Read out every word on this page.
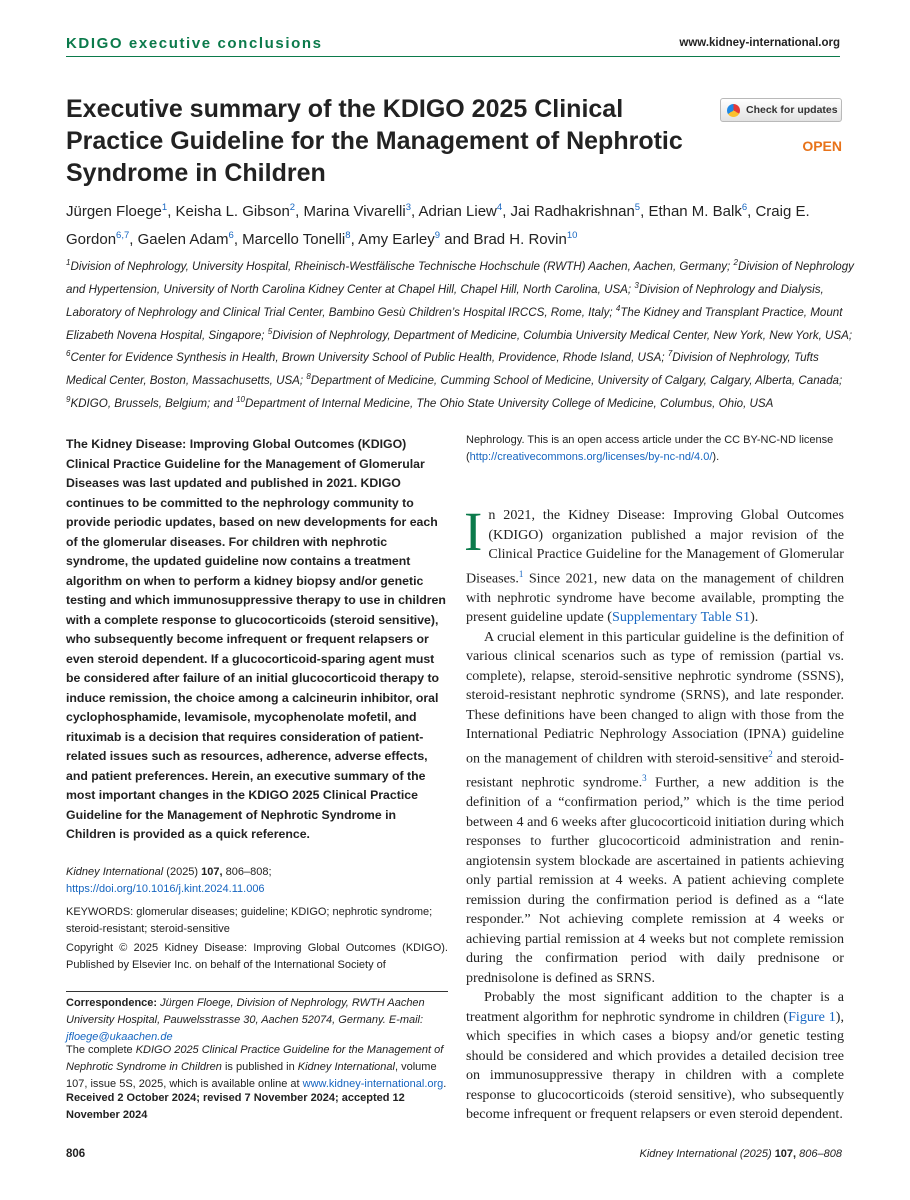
KDIGO executive conclusions	www.kidney-international.org
Executive summary of the KDIGO 2025 Clinical Practice Guideline for the Management of Nephrotic Syndrome in Children
Check for updates
OPEN
Jürgen Floege$^1$, Keisha L. Gibson$^2$, Marina Vivarelli$^3$, Adrian Liew$^4$, Jai Radhakrishnan$^5$, Ethan M. Balk$^6$, Craig E. Gordon$^{6,7}$, Gaelen Adam$^6$, Marcello Tonelli$^8$, Amy Earley$^9$ and Brad H. Rovin$^{10}$
$^1$Division of Nephrology, University Hospital, Rheinisch-Westfälische Technische Hochschule (RWTH) Aachen, Aachen, Germany; $^2$Division of Nephrology and Hypertension, University of North Carolina Kidney Center at Chapel Hill, Chapel Hill, North Carolina, USA; $^3$Division of Nephrology and Dialysis, Laboratory of Nephrology and Clinical Trial Center, Bambino Gesù Children’s Hospital IRCCS, Rome, Italy; $^4$The Kidney and Transplant Practice, Mount Elizabeth Novena Hospital, Singapore; $^5$Division of Nephrology, Department of Medicine, Columbia University Medical Center, New York, New York, USA; $^6$Center for Evidence Synthesis in Health, Brown University School of Public Health, Providence, Rhode Island, USA; $^7$Division of Nephrology, Tufts Medical Center, Boston, Massachusetts, USA; $^8$Department of Medicine, Cumming School of Medicine, University of Calgary, Calgary, Alberta, Canada; $^9$KDIGO, Brussels, Belgium; and $^{10}$Department of Internal Medicine, The Ohio State University College of Medicine, Columbus, Ohio, USA
The Kidney Disease: Improving Global Outcomes (KDIGO) Clinical Practice Guideline for the Management of Glomerular Diseases was last updated and published in 2021. KDIGO continues to be committed to the nephrology community to provide periodic updates, based on new developments for each of the glomerular diseases. For children with nephrotic syndrome, the updated guideline now contains a treatment algorithm on when to perform a kidney biopsy and/or genetic testing and which immunosuppressive therapy to use in children with a complete response to glucocorticoids (steroid sensitive), who subsequently become infrequent or frequent relapsers or even steroid dependent. If a glucocorticoid-sparing agent must be considered after failure of an initial glucocorticoid therapy to induce remission, the choice among a calcineurin inhibitor, oral cyclophosphamide, levamisole, mycophenolate mofetil, and rituximab is a decision that requires consideration of patient-related issues such as resources, adherence, adverse effects, and patient preferences. Herein, an executive summary of the most important changes in the KDIGO 2025 Clinical Practice Guideline for the Management of Nephrotic Syndrome in Children is provided as a quick reference.
Kidney International (2025) 107, 806–808; https://doi.org/10.1016/j.kint.2024.11.006
KEYWORDS: glomerular diseases; guideline; KDIGO; nephrotic syndrome; steroid-resistant; steroid-sensitive
Copyright © 2025 Kidney Disease: Improving Global Outcomes (KDIGO). Published by Elsevier Inc. on behalf of the International Society of
Nephrology. This is an open access article under the CC BY-NC-ND license (http://creativecommons.org/licenses/by-nc-nd/4.0/).
Correspondence: Jürgen Floege, Division of Nephrology, RWTH Aachen University Hospital, Pauwelsstrasse 30, Aachen 52074, Germany. E-mail: jfloege@ukaachen.de
The complete KDIGO 2025 Clinical Practice Guideline for the Management of Nephrotic Syndrome in Children is published in Kidney International, volume 107, issue 5S, 2025, which is available online at www.kidney-international.org.
Received 2 October 2024; revised 7 November 2024; accepted 12 November 2024

In 2021, the Kidney Disease: Improving Global Outcomes (KDIGO) organization published a major revision of the Clinical Practice Guideline for the Management of Glomerular Diseases.$^1$ Since 2021, new data on the management of children with nephrotic syndrome have become available, prompting the present guideline update (Supplementary Table S1).

A crucial element in this particular guideline is the definition of various clinical scenarios such as type of remission (partial vs. complete), relapse, steroid-sensitive nephrotic syndrome (SSNS), steroid-resistant nephrotic syndrome (SRNS), and late responder. These definitions have been changed to align with those from the International Pediatric Nephrology Association (IPNA) guideline on the management of children with steroid-sensitive$^2$ and steroid-resistant nephrotic syndrome.$^3$ Further, a new addition is the definition of a “confirmation period,” which is the time period between 4 and 6 weeks after glucocorticoid initiation during which responses to further glucocorticoid administration and renin-angiotensin system blockade are ascertained in patients achieving only partial remission at 4 weeks. A patient achieving complete remission during the confirmation period is defined as a “late responder.” Not achieving complete remission at 4 weeks or achieving partial remission at 4 weeks but not complete remission during the confirmation period with daily prednisone or prednisolone is defined as SRNS.

Probably the most significant addition to the chapter is a treatment algorithm for nephrotic syndrome in children (Figure 1), which specifies in which cases a biopsy and/or genetic testing should be considered and which provides a detailed decision tree on immunosuppressive therapy in children with a complete response to glucocorticoids (steroid sensitive), who subsequently become infrequent or frequent relapsers or even steroid dependent.

806	Kidney International (2025) 107, 806–808
